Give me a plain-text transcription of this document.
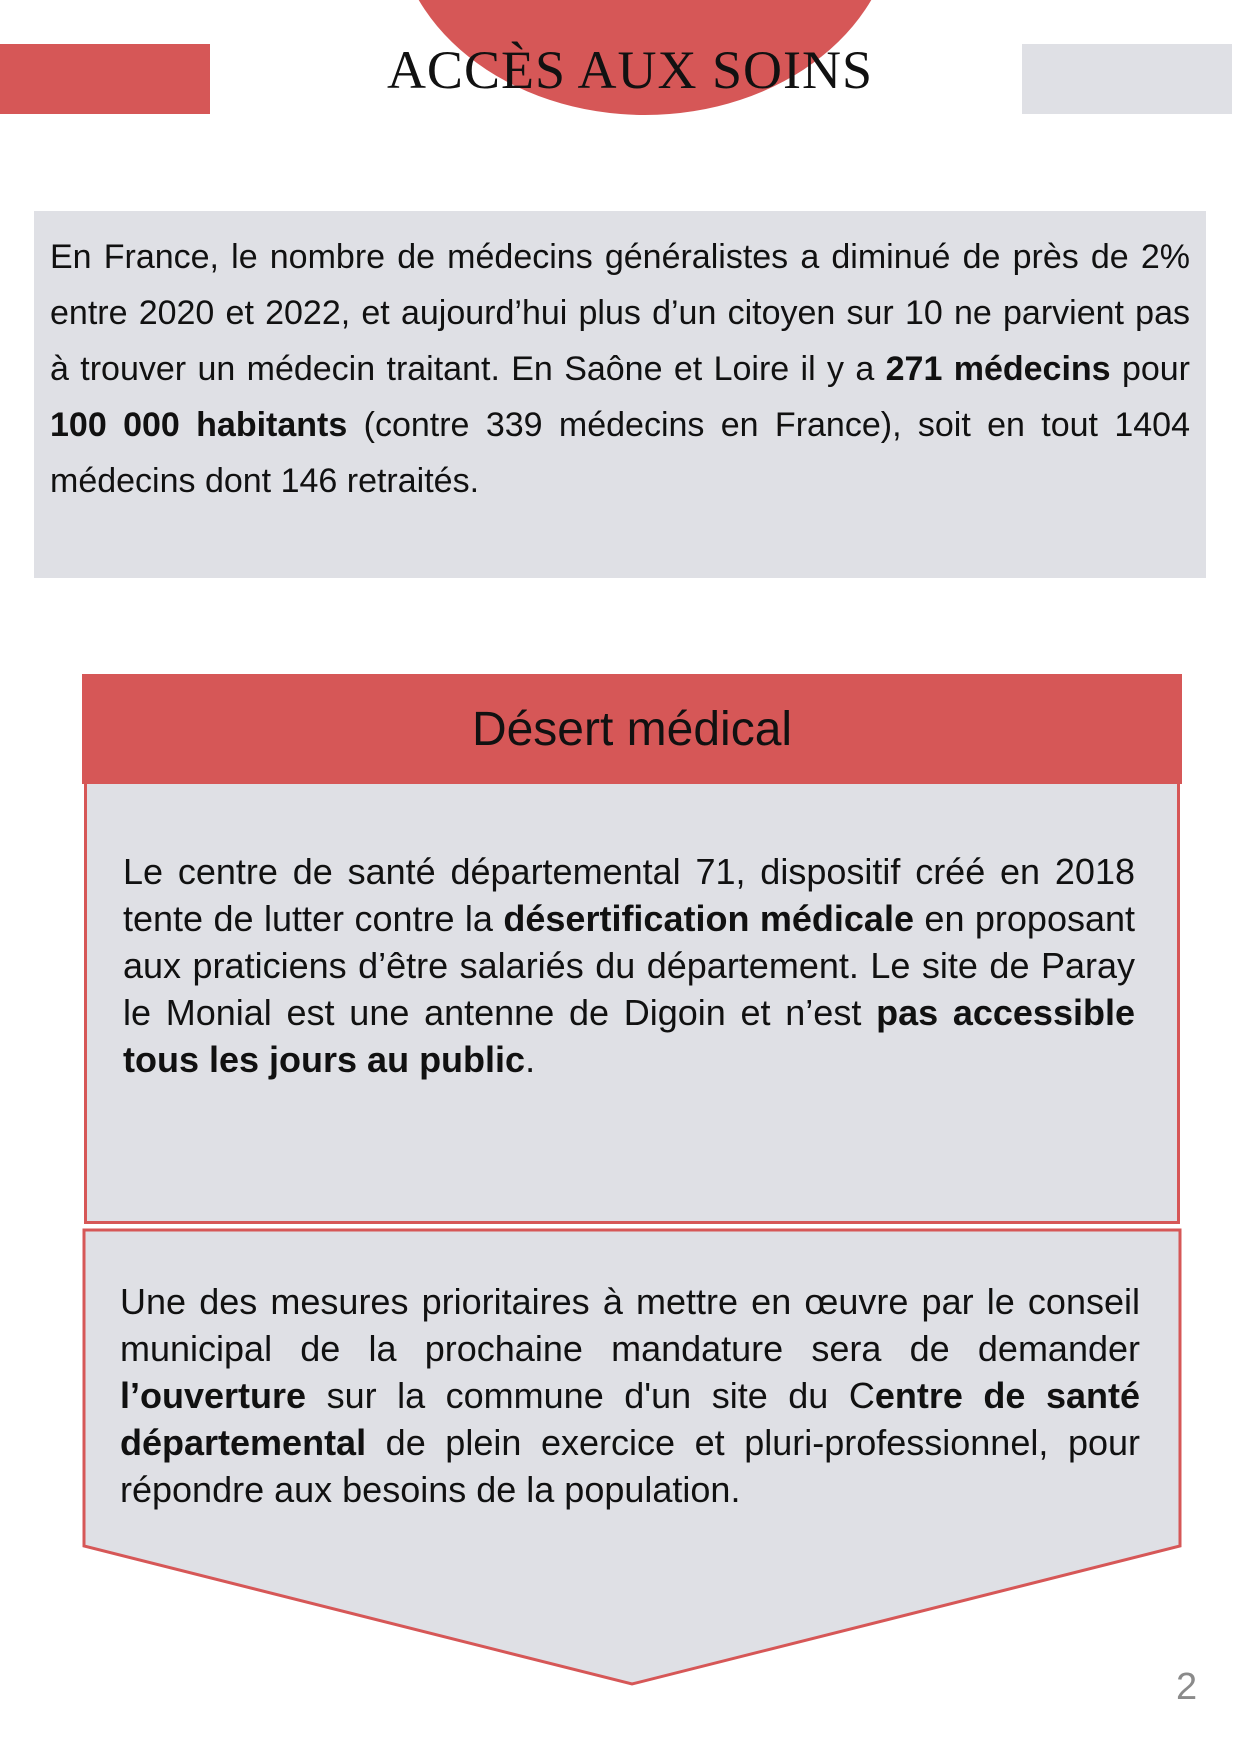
ACCÈS AUX SOINS

En France, le nombre de médecins généralistes a diminué de près de 2% entre 2020 et 2022, et aujourd’hui plus d’un citoyen sur 10 ne parvient pas à trouver un médecin traitant. En Saône et Loire il y a 271 médecins pour 100 000 habitants (contre 339 médecins en France), soit en tout 1404 médecins dont 146 retraités.

Désert médical

Le centre de santé départemental 71, dispositif créé en 2018 tente de lutter contre la désertification médicale en proposant aux praticiens d’être salariés du département. Le site de Paray le Monial est une antenne de Digoin et n’est pas accessible tous les jours au public.

Une des mesures prioritaires à mettre en œuvre par le conseil municipal de la prochaine mandature sera de demander l’ouverture sur la commune d'un site du Centre de santé départemental de plein exercice et pluri-professionnel, pour répondre aux besoins de la population.

2
